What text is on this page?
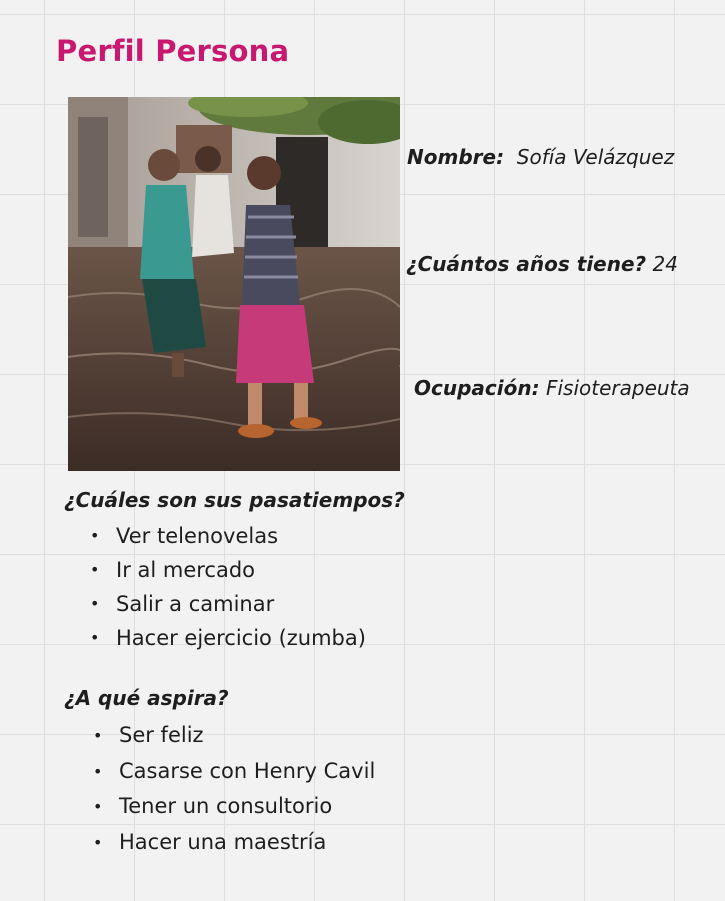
Perfil Persona
Nombre: Sofía Velázquez
¿Cuántos años tiene? 24
Ocupación: Fisioterapeuta
¿Cuáles son sus pasatiempos?
• Ver telenovelas
• Ir al mercado
• Salir a caminar
• Hacer ejercicio (zumba)
¿A qué aspira?
• Ser feliz
• Casarse con Henry Cavil
• Tener un consultorio
• Hacer una maestría
